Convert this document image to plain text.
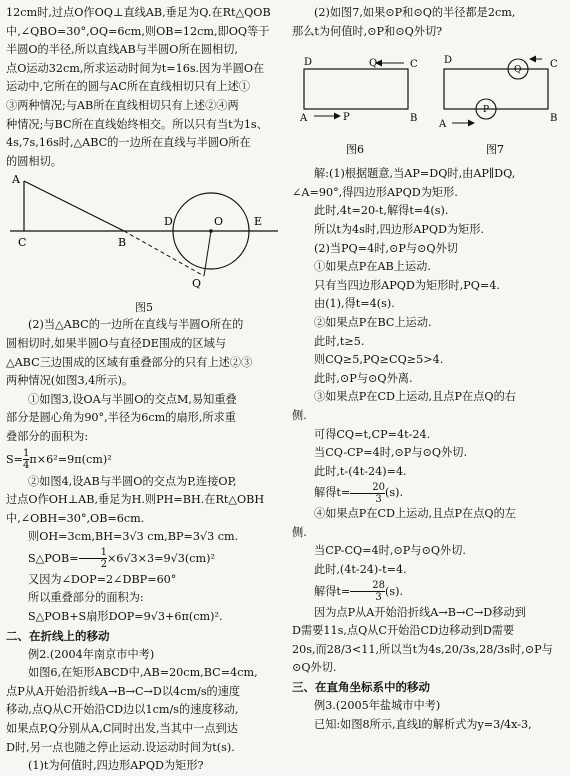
12cm时,过点O作OQ⊥直线AB,垂足为Q.在Rt△QOB

中,∠QBO=30°,OQ=6cm,则OB=12cm,即OQ等于

半圆O的半径,所以直线AB与半圆O所在圆相切,

点O运动32cm,所求运动时间为t=16s.因为半圆O在

运动中,它所在的圆与AC所在直线相切只有上述①

③两种情况;与AB所在直线相切只有上述②④两

种情况;与BC所在直线始终相交。所以只有当t为1s、

4s,7s,16s时,△ABC的一边所在直线与半圆O所在

的圆相切。

A
C	B
D	O	E
Q

图5

(2)当△ABC的一边所在直线与半圆O所在的

圆相切时,如果半圆O与直径DE围成的区域与

△ABC三边围成的区域有重叠部分的只有上述②③

两种情况(如图3,4所示)。

①如图3,设OA与半圆O的交点M,易知重叠

部分是圆心角为90°,半径为6cm的扇形,所求重

叠部分的面积为:

$S= \frac{1}{4} \pi\times 6^2=9\pi(cm)^2$

②如图4,设AB与半圆O的交点为P,连接OP,

过点O作OH⊥AB,垂足为H.则PH=BH.在Rt△OBH

中,∠OBH=30°,OB=6cm.

则OH=3cm,BH=3√3 cm,BP=3√3 cm.

S△POB= $\frac{1}{2} \times 6√3\times 3=9√3(cm)^2$

又因为∠DOP=2∠DBP=60°

所以重叠部分的面积为:

S△POB+S扇形DOP=9√3+6π(cm)².

二、在折线上的移动

例2.(2004年南京市中考)

如图6,在矩形ABCD中,AB=20cm,BC=4cm,

点P从A开始沿折线A→B→C→D以4cm/s的速度

移动,点Q从C开始沿CD边以1cm/s的速度移动,

如果点P,Q分别从A,C同时出发,当其中一点到达

D时,另一点也随之停止运动.设运动时间为t(s).

(1)t为何值时,四边形APQD为矩形?

(2)如图7,如果⊙P和⊙Q的半径都是2cm,

那么t为何值时,⊙P和⊙Q外切?

D	C
A	B
Q
P
D	C
A
B
Q
P
图6	图7

解:(1)根据题意,当AP=DQ时,由AP∥DQ,

∠A=90°,得四边形APQD为矩形.

此时,4t=20-t,解得t=4(s).

所以t为4s时,四边形APQD为矩形.

(2)当PQ=4时,⊙P与⊙Q外切

①如果点P在AB上运动.

只有当四边形APQD为矩形时,PQ=4.

由(1),得t=4(s).

②如果点P在BC上运动.

此时,t≥5.

则CQ≥5,PQ≥CQ≥5>4.

此时,⊙P与⊙Q外离.

③如果点P在CD上运动,且点P在点Q的右

侧.

可得CQ=t,CP=4t-24.

当CQ-CP=4时,⊙P与⊙Q外切.

此时,t-(4t-24)=4.

解得$t= \frac{20}{3} (s)$.

④如果点P在CD上运动,且点P在点Q的左

侧.

当CP-CQ=4时,⊙P与⊙Q外切.

此时,(4t-24)-t=4.

解得$t= \frac{28}{3} (s)$.

因为点P从A开始沿折线A→B→C→D移动到

D需要11s,点Q从C开始沿CD边移动到D需要

20s,而28/3<11,所以当t为4s,20/3s,28/3s时,⊙P与

⊙Q外切.

三、在直角坐标系中的移动

例3.(2005年盐城市中考)

已知:如图8所示,直线l的解析式为y=3/4x-3,
